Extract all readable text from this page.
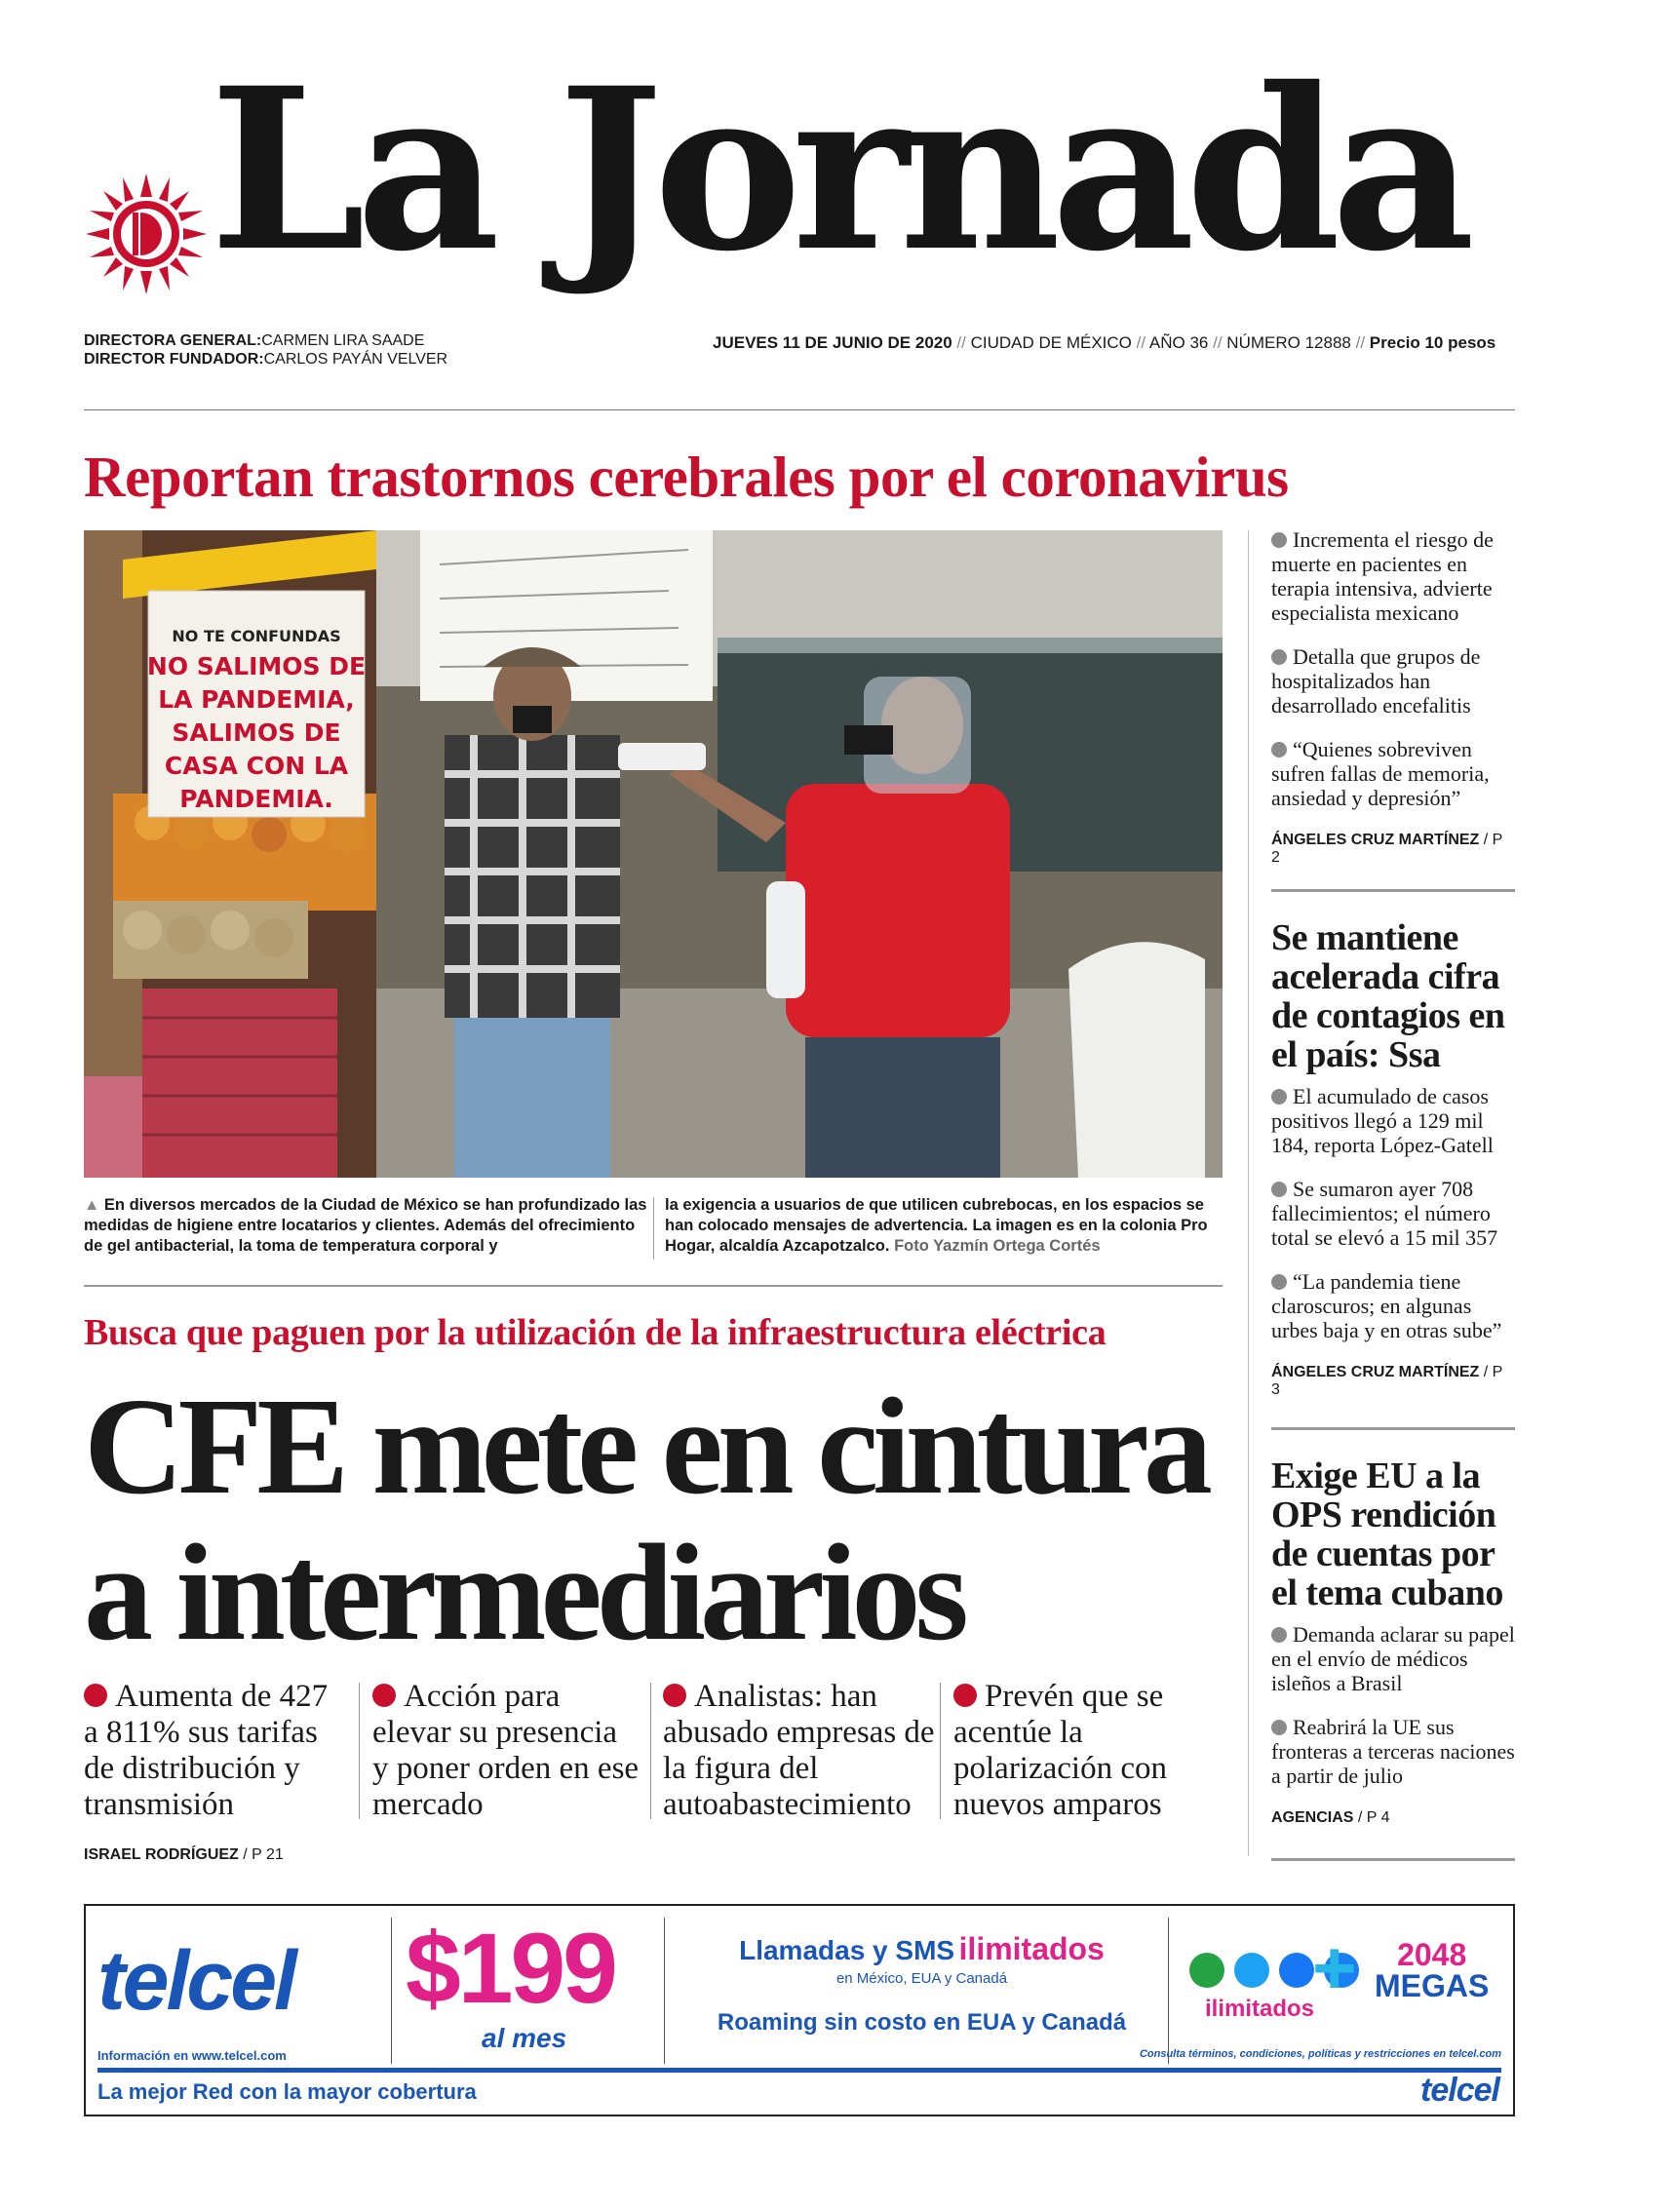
La Jornada
DIRECTORA GENERAL:CARMEN LIRA SAADE
DIRECTOR FUNDADOR:CARLOS PAYÁN VELVER
JUEVES 11 DE JUNIO DE 2020 // CIUDAD DE MÉXICO // AÑO 36 // NÚMERO 12888 // Precio 10 pesos
Reportan trastornos cerebrales por el coronavirus
NO TE CONFUNDAS
NO SALIMOS DE
LA PANDEMIA,
SALIMOS DE
CASA CON LA
PANDEMIA.
▲ En diversos mercados de la Ciudad de México se han profundizado las medidas de higiene entre locatarios y clientes. Además del ofrecimiento de gel antibacterial, la toma de temperatura corporal y
la exigencia a usuarios de que utilicen cubrebocas, en los espacios se han colocado mensajes de advertencia. La imagen es en la colonia Pro Hogar, alcaldía Azcapotzalco. Foto Yazmín Ortega Cortés
Incrementa el riesgo de muerte en pacientes en terapia intensiva, advierte especialista mexicano
Detalla que grupos de hospitalizados han desarrollado encefalitis
“Quienes sobreviven sufren fallas de memoria, ansiedad y depresión”
ÁNGELES CRUZ MARTÍNEZ / P 2
Se mantiene acelerada cifra de contagios en el país: Ssa
El acumulado de casos positivos llegó a 129 mil 184, reporta López-Gatell
Se sumaron ayer 708 fallecimientos; el número total se elevó a 15 mil 357
“La pandemia tiene claroscuros; en algunas urbes baja y en otras sube”
ÁNGELES CRUZ MARTÍNEZ / P 3
Exige EU a la OPS rendición de cuentas por el tema cubano
Demanda aclarar su papel en el envío de médicos isleños a Brasil
Reabrirá la UE sus fronteras a terceras naciones a partir de julio
AGENCIAS / P 4
Busca que paguen por la utilización de la infraestructura eléctrica
CFE mete en cintura
a intermediarios
Aumenta de 427 a 811% sus tarifas de distribución y transmisión
Acción para elevar su presencia y poner orden en ese mercado
Analistas: han abusado empresas de la figura del autoabastecimiento
Prevén que se acentúe la polarización con nuevos amparos
ISRAEL RODRÍGUEZ / P 21
telcel $199
al mes
Llamadas y SMS ilimitados
en México, EUA y Canadá
Roaming sin costo en EUA y Canadá

ilimitados
+	2048
MEGAS
Información en www.telcel.com	Consulta términos, condiciones, políticas y restricciones en telcel.com
La mejor Red con la mayor cobertura	telcel
